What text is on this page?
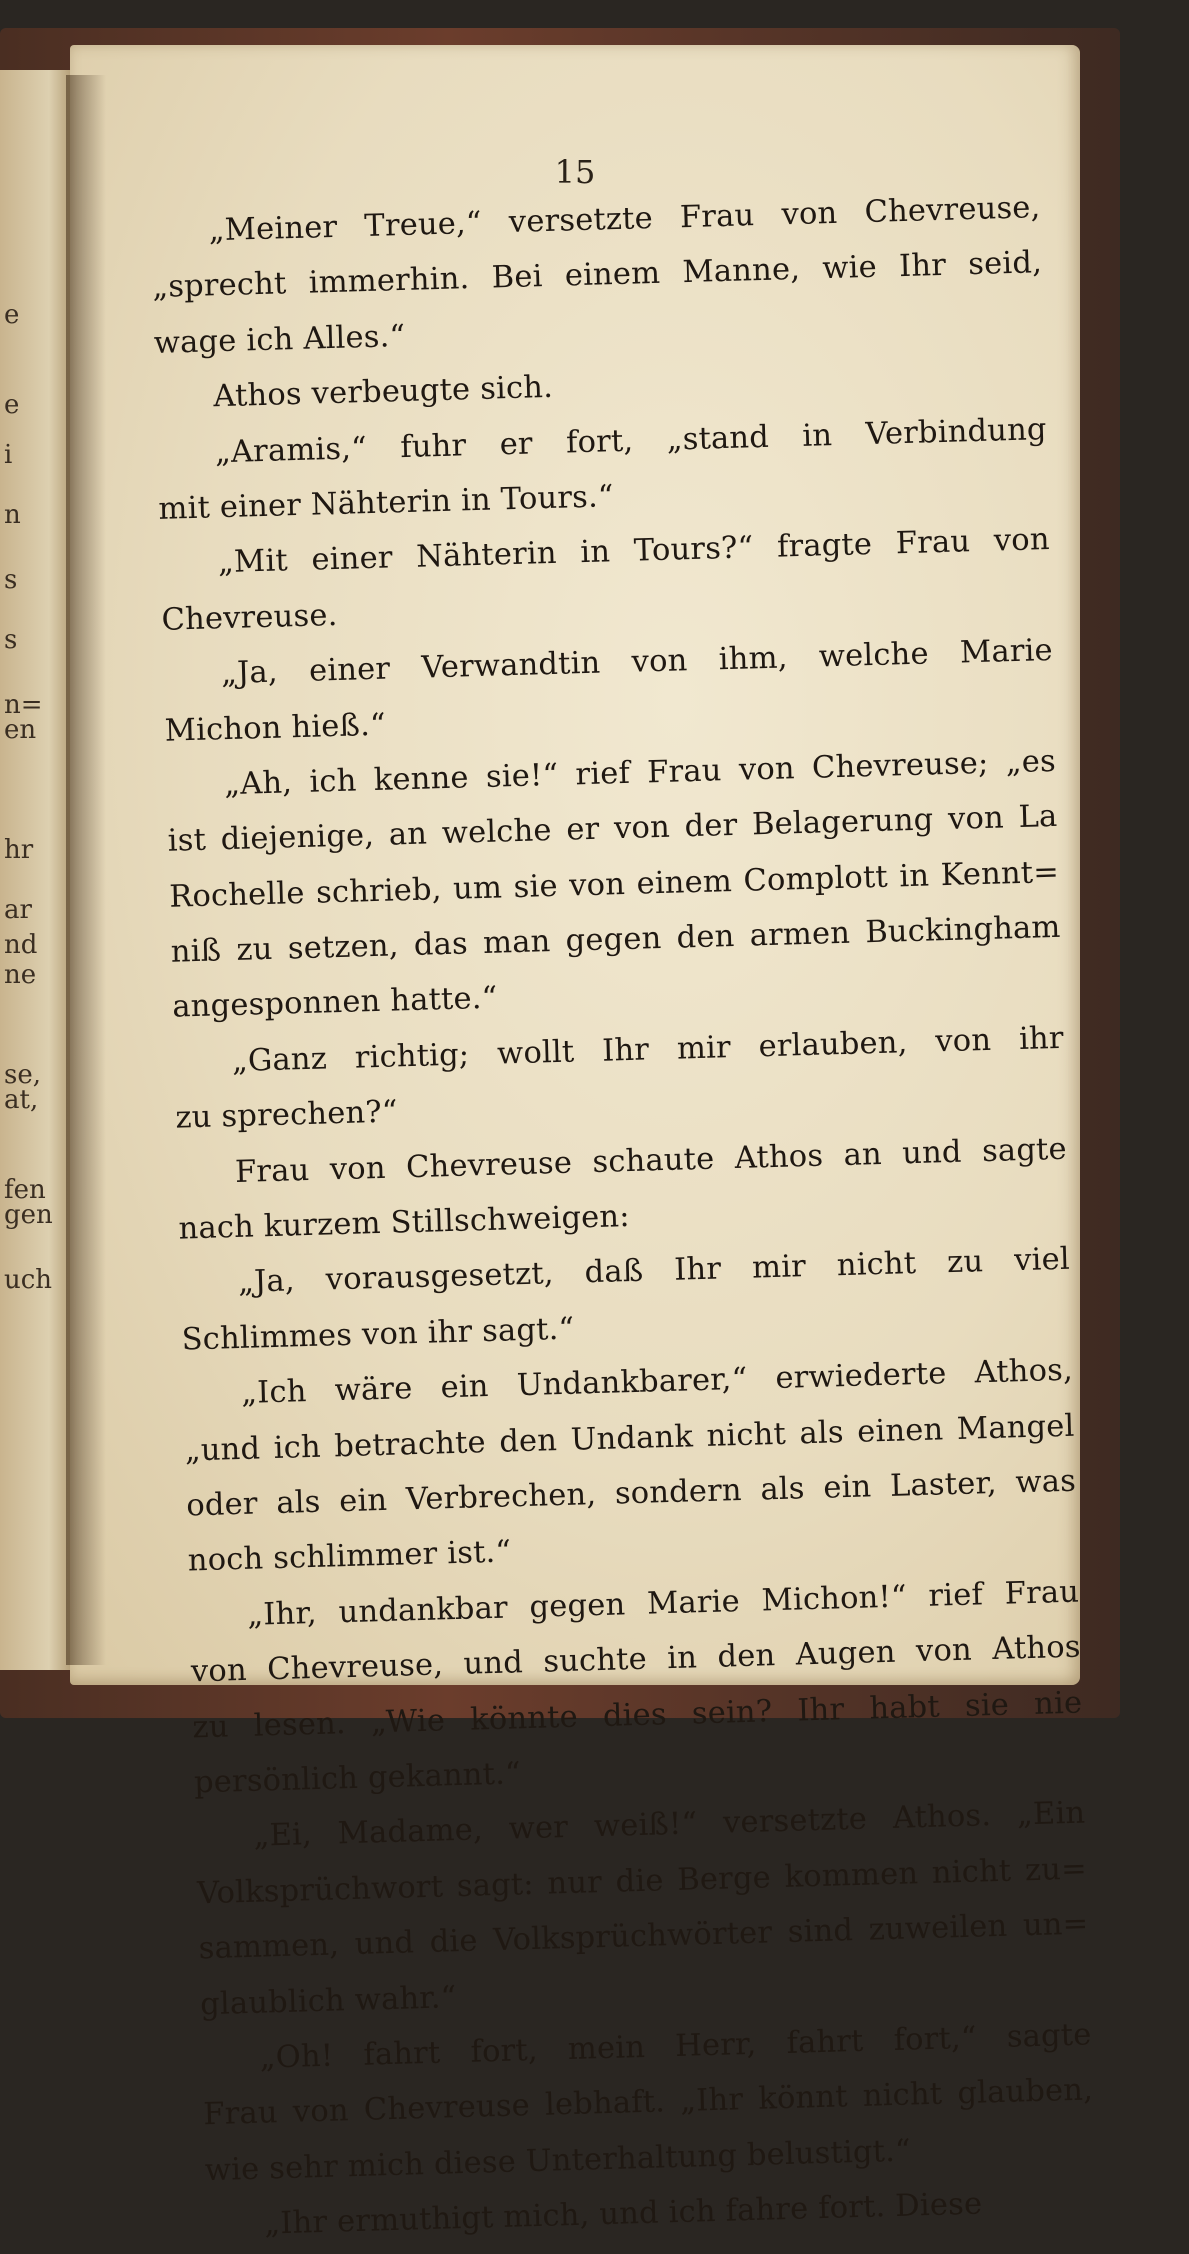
e
e
i
n
s
s
n=
en
hr
ar
nd
ne
se,
at,
fen
gen
uch
15
„Meiner Treue,“ versetzte Frau von Chevreuse,
„sprecht immerhin. Bei einem Manne, wie Ihr seid,
wage ich Alles.“
Athos verbeugte sich.
„Aramis,“ fuhr er fort, „stand in Verbindung
mit einer Nähterin in Tours.“
„Mit einer Nähterin in Tours?“ fragte Frau von
Chevreuse.
„Ja, einer Verwandtin von ihm, welche Marie
Michon hieß.“
„Ah, ich kenne sie!“ rief Frau von Chevreuse; „es
ist diejenige, an welche er von der Belagerung von La
Rochelle schrieb, um sie von einem Complott in Kennt=
niß zu setzen, das man gegen den armen Buckingham
angesponnen hatte.“
„Ganz richtig; wollt Ihr mir erlauben, von ihr
zu sprechen?“
Frau von Chevreuse schaute Athos an und sagte
nach kurzem Stillschweigen:
„Ja, vorausgesetzt, daß Ihr mir nicht zu viel
Schlimmes von ihr sagt.“
„Ich wäre ein Undankbarer,“ erwiederte Athos,
„und ich betrachte den Undank nicht als einen Mangel
oder als ein Verbrechen, sondern als ein Laster, was
noch schlimmer ist.“
„Ihr, undankbar gegen Marie Michon!“ rief Frau
von Chevreuse, und suchte in den Augen von Athos
zu lesen. „Wie könnte dies sein? Ihr habt sie nie
persönlich gekannt.“
„Ei, Madame, wer weiß!“ versetzte Athos. „Ein
Volksprüchwort sagt: nur die Berge kommen nicht zu=
sammen, und die Volksprüchwörter sind zuweilen un=
glaublich wahr.“
„Oh! fahrt fort, mein Herr, fahrt fort,“ sagte
Frau von Chevreuse lebhaft. „Ihr könnt nicht glauben,
wie sehr mich diese Unterhaltung belustigt.“
„Ihr ermuthigt mich, und ich fahre fort. Diese
